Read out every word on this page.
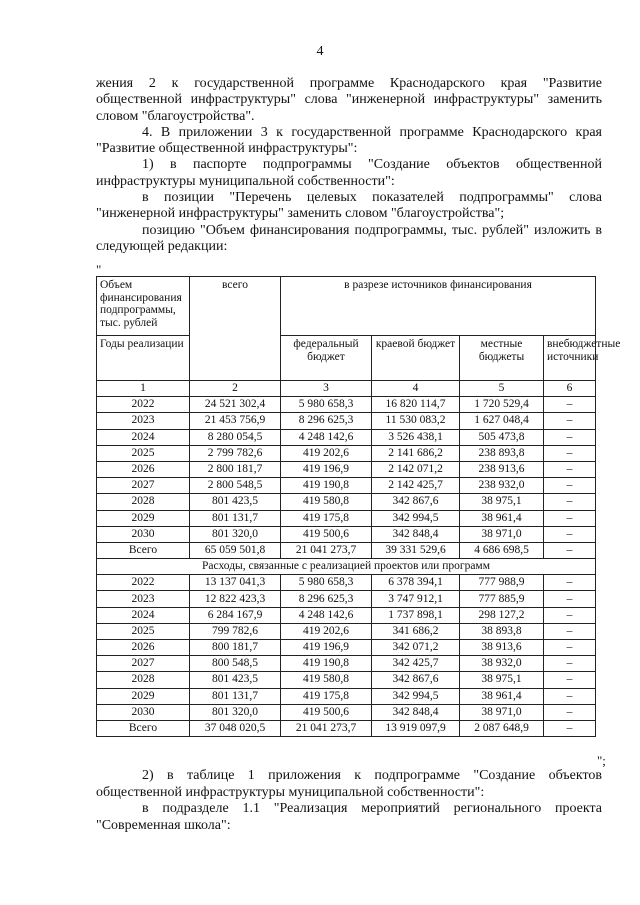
4

жения 2 к государственной программе Краснодарского края "Развитие общественной инфраструктуры" слова "инженерной инфраструктуры" заменить словом "благоустройства".

4. В приложении 3 к государственной программе Краснодарского края "Развитие общественной инфраструктуры":

1) в паспорте подпрограммы "Создание объектов общественной инфраструктуры муниципальной собственности":

в позиции "Перечень целевых показателей подпрограммы" слова "инженерной инфраструктуры" заменить словом "благоустройства";

позицию "Объем финансирования подпрограммы, тыс. рублей" изложить в следующей редакции:

"
Объем финансирования подпрограммы, тыс. рублей	всего	в разрезе источников финансирования			
Годы реализации		федеральный бюджет	краевой бюджет	местные бюджеты	внебюджетные источники
1	2	3	4	5	6
2022	24 521 302,4	5 980 658,3	16 820 114,7	1 720 529,4	–
2023	21 453 756,9	8 296 625,3	11 530 083,2	1 627 048,4	–
2024	8 280 054,5	4 248 142,6	3 526 438,1	505 473,8	–
2025	2 799 782,6	419 202,6	2 141 686,2	238 893,8	–
2026	2 800 181,7	419 196,9	2 142 071,2	238 913,6	–
2027	2 800 548,5	419 190,8	2 142 425,7	238 932,0	–
2028	801 423,5	419 580,8	342 867,6	38 975,1	–
2029	801 131,7	419 175,8	342 994,5	38 961,4	–
2030	801 320,0	419 500,6	342 848,4	38 971,0	–
Всего	65 059 501,8	21 041 273,7	39 331 529,6	4 686 698,5	–
Расходы, связанные с реализацией проектов или программ					
2022	13 137 041,3	5 980 658,3	6 378 394,1	777 988,9	–
2023	12 822 423,3	8 296 625,3	3 747 912,1	777 885,9	–
2024	6 284 167,9	4 248 142,6	1 737 898,1	298 127,2	–
2025	799 782,6	419 202,6	341 686,2	38 893,8	–
2026	800 181,7	419 196,9	342 071,2	38 913,6	–
2027	800 548,5	419 190,8	342 425,7	38 932,0	–
2028	801 423,5	419 580,8	342 867,6	38 975,1	–
2029	801 131,7	419 175,8	342 994,5	38 961,4	–
2030	801 320,0	419 500,6	342 848,4	38 971,0	–
Всего	37 048 020,5	21 041 273,7	13 919 097,9	2 087 648,9	–
";

2) в таблице 1 приложения к подпрограмме "Создание объектов общественной инфраструктуры муниципальной собственности":

в подразделе 1.1 "Реализация мероприятий регионального проекта "Современная школа":
